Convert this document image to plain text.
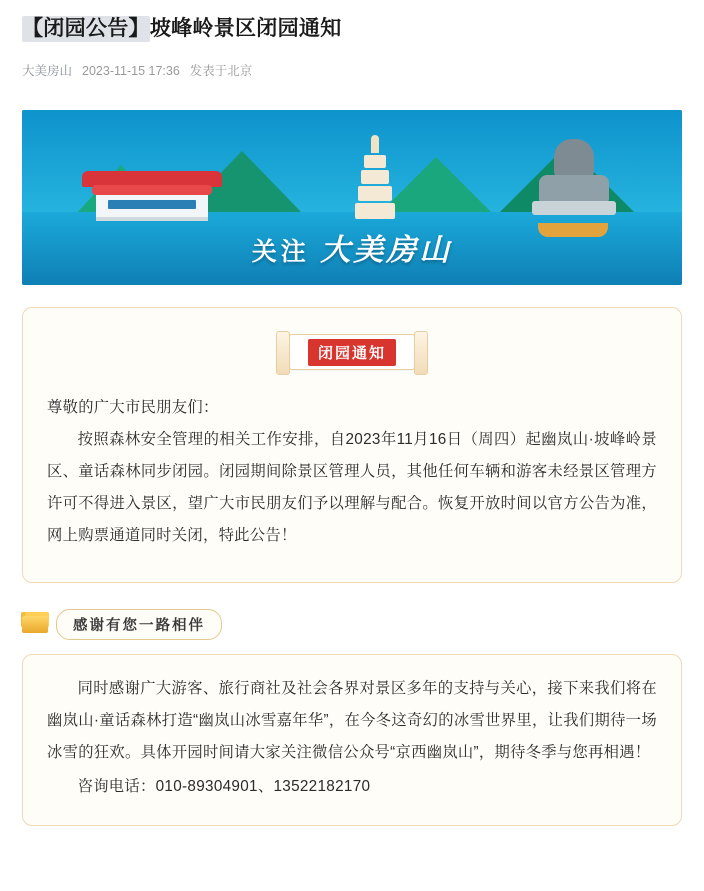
【闭园公告】坡峰岭景区闭园通知
大美房山 2023-11-15 17:36 发表于北京
关注 大美房山
闭园通知
尊敬的广大市民朋友们：
按照森林安全管理的相关工作安排，自2023年11月16日（周四）起幽岚山·坡峰岭景区、童话森林同步闭园。闭园期间除景区管理人员，其他任何车辆和游客未经景区管理方许可不得进入景区，望广大市民朋友们予以理解与配合。恢复开放时间以官方公告为准，网上购票通道同时关闭，特此公告！
感谢有您一路相伴
同时感谢广大游客、旅行商社及社会各界对景区多年的支持与关心，接下来我们将在幽岚山·童话森林打造“幽岚山冰雪嘉年华”，在今冬这奇幻的冰雪世界里，让我们期待一场冰雪的狂欢。具体开园时间请大家关注微信公众号“京西幽岚山”，期待冬季与您再相遇！
咨询电话：010-89304901、13522182170
